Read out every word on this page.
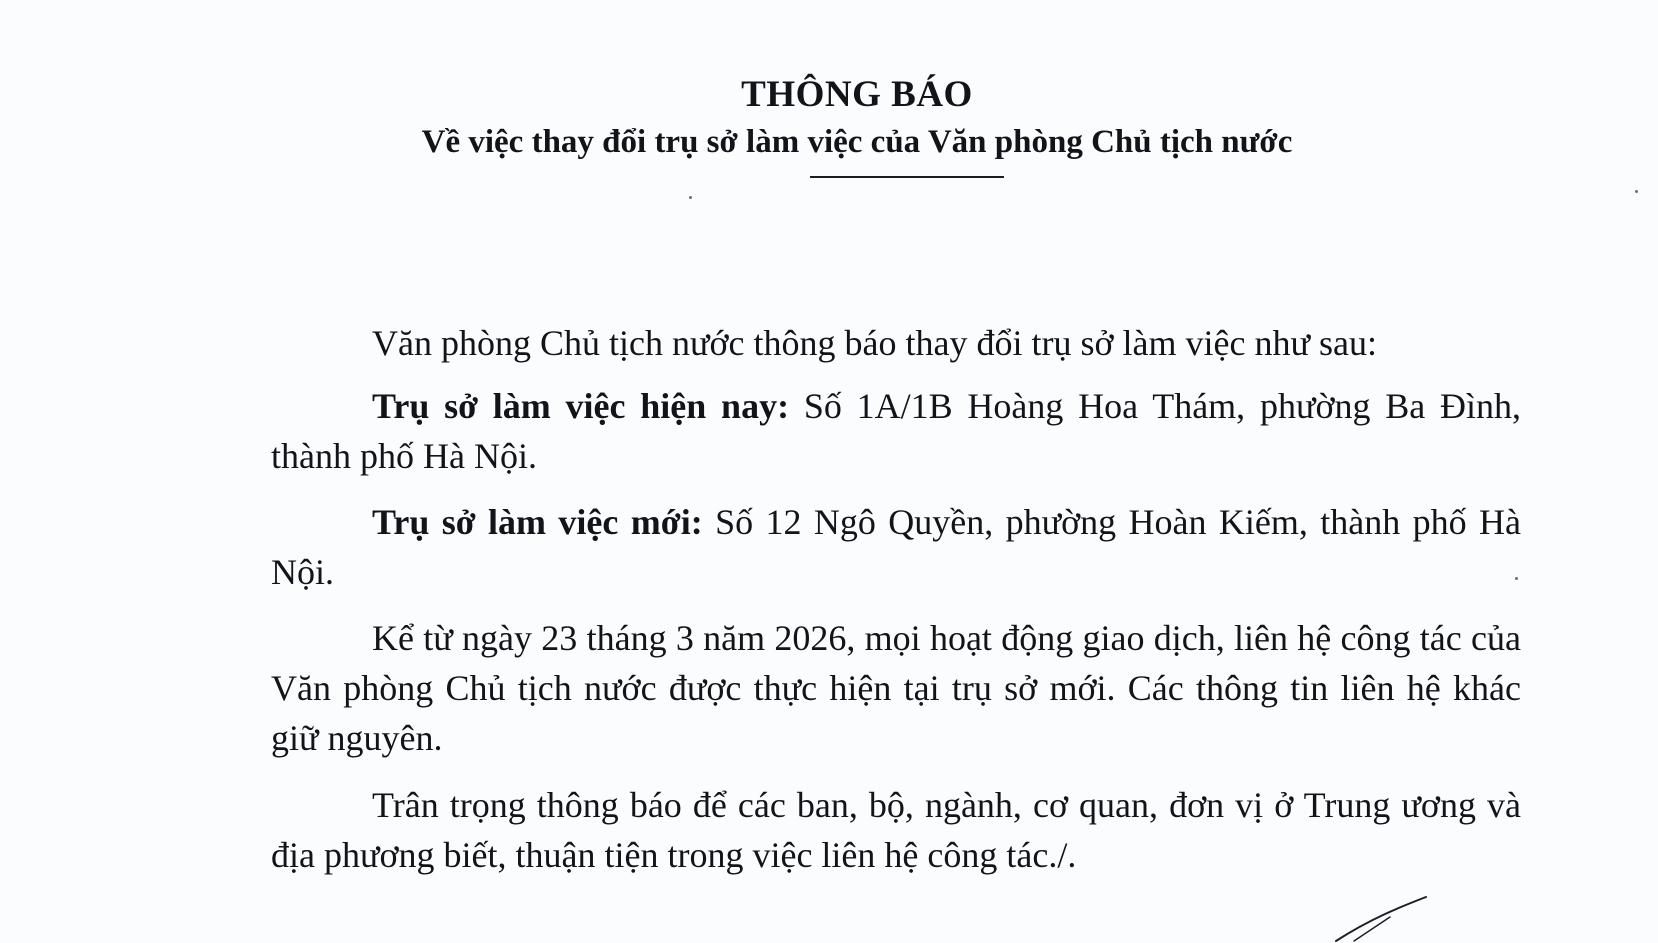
THÔNG BÁO
Về việc thay đổi trụ sở làm việc của Văn phòng Chủ tịch nước

Văn phòng Chủ tịch nước thông báo thay đổi trụ sở làm việc như sau:

Trụ sở làm việc hiện nay: Số 1A/1B Hoàng Hoa Thám, phường Ba Đình, thành phố Hà Nội.

Trụ sở làm việc mới: Số 12 Ngô Quyền, phường Hoàn Kiếm, thành phố Hà Nội.

Kể từ ngày 23 tháng 3 năm 2026, mọi hoạt động giao dịch, liên hệ công tác của Văn phòng Chủ tịch nước được thực hiện tại trụ sở mới. Các thông tin liên hệ khác giữ nguyên.

Trân trọng thông báo để các ban, bộ, ngành, cơ quan, đơn vị ở Trung ương và địa phương biết, thuận tiện trong việc liên hệ công tác./.
